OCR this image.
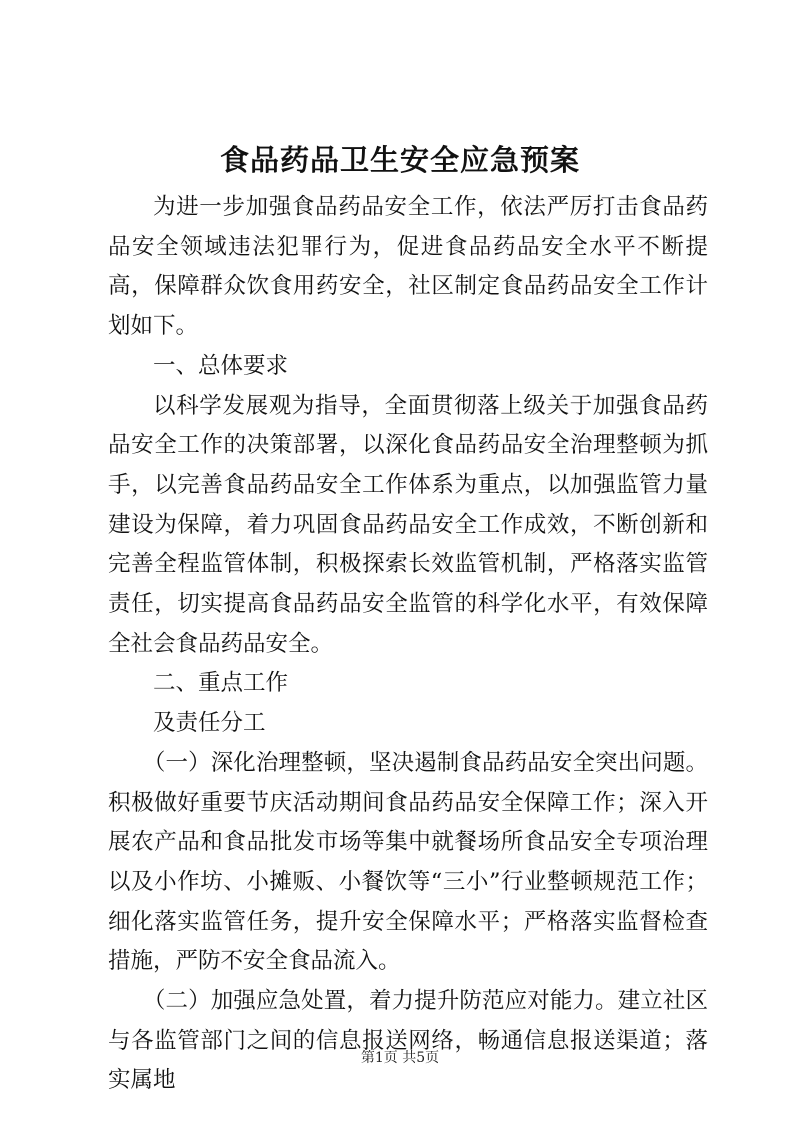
食品药品卫生安全应急预案

为进一步加强食品药品安全工作，依法严厉打击食品药品安全领域违法犯罪行为，促进食品药品安全水平不断提高，保障群众饮食用药安全，社区制定食品药品安全工作计划如下。

一、总体要求

以科学发展观为指导，全面贯彻落上级关于加强食品药品安全工作的决策部署，以深化食品药品安全治理整顿为抓手，以完善食品药品安全工作体系为重点，以加强监管力量建设为保障，着力巩固食品药品安全工作成效，不断创新和完善全程监管体制，积极探索长效监管机制，严格落实监管责任，切实提高食品药品安全监管的科学化水平，有效保障全社会食品药品安全。

二、重点工作

及责任分工

（一）深化治理整顿，坚决遏制食品药品安全突出问题。积极做好重要节庆活动期间食品药品安全保障工作；深入开展农产品和食品批发市场等集中就餐场所食品安全专项治理以及小作坊、小摊贩、小餐饮等“三小”行业整顿规范工作；细化落实监管任务，提升安全保障水平；严格落实监督检查措施，严防不安全食品流入。

（二）加强应急处置，着力提升防范应对能力。建立社区与各监管部门之间的信息报送网络，畅通信息报送渠道；落实属地

第1页 共5页
